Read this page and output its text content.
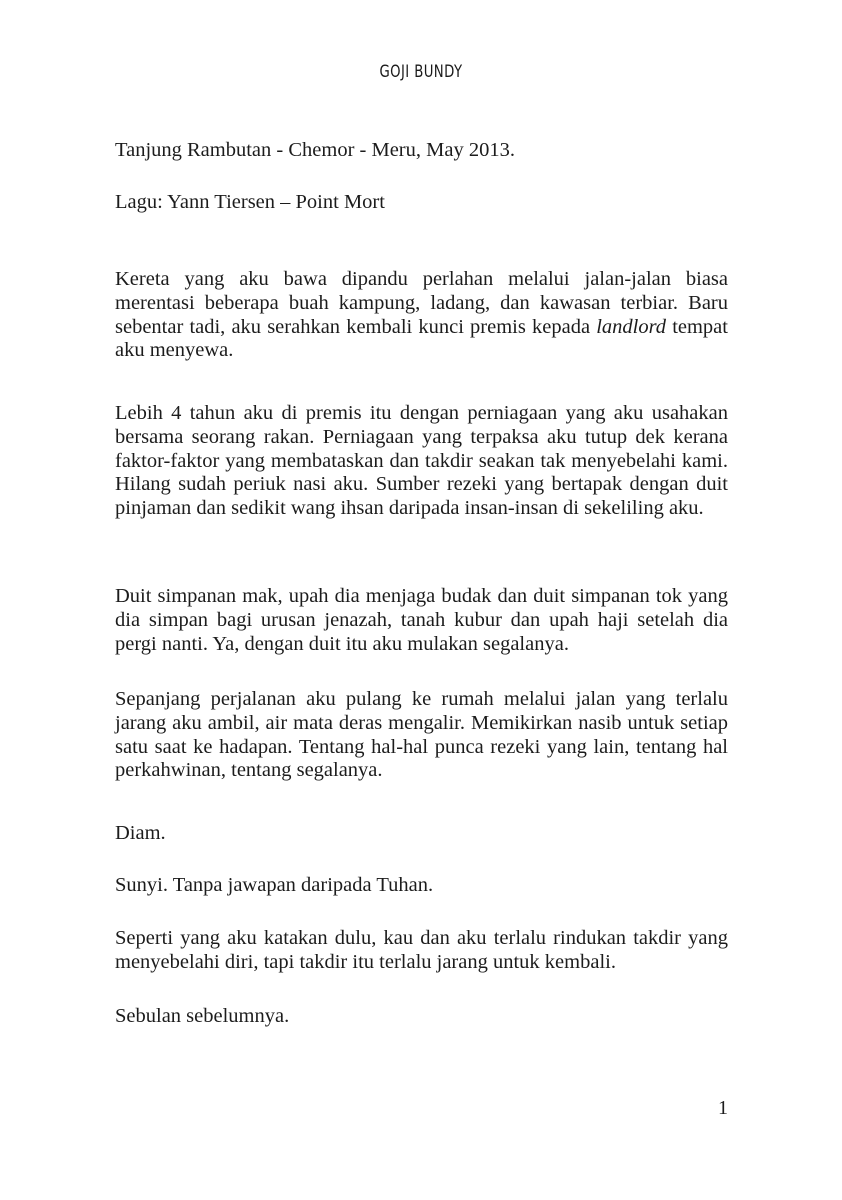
GOJI BUNDY

Tanjung Rambutan - Chemor - Meru, May 2013.

Lagu: Yann Tiersen – Point Mort

Kereta yang aku bawa dipandu perlahan melalui jalan-jalan biasa merentasi beberapa buah kampung, ladang, dan kawasan terbiar. Baru sebentar tadi, aku serahkan kembali kunci premis kepada landlord tempat aku menyewa.

Lebih 4 tahun aku di premis itu dengan perniagaan yang aku usahakan bersama seorang rakan. Perniagaan yang terpaksa aku tutup dek kerana faktor-faktor yang membataskan dan takdir seakan tak menyebelahi kami. Hilang sudah periuk nasi aku. Sumber rezeki yang bertapak dengan duit pinjaman dan sedikit wang ihsan daripada insan-insan di sekeliling aku.

Duit simpanan mak, upah dia menjaga budak dan duit simpanan tok yang dia simpan bagi urusan jenazah, tanah kubur dan upah haji setelah dia pergi nanti. Ya, dengan duit itu aku mulakan segalanya.

Sepanjang perjalanan aku pulang ke rumah melalui jalan yang terlalu jarang aku ambil, air mata deras mengalir. Memikirkan nasib untuk setiap satu saat ke hadapan. Tentang hal-hal punca rezeki yang lain, tentang hal perkahwinan, tentang segalanya.

Diam.

Sunyi. Tanpa jawapan daripada Tuhan.

Seperti yang aku katakan dulu, kau dan aku terlalu rindukan takdir yang menyebelahi diri, tapi takdir itu terlalu jarang untuk kembali.

Sebulan sebelumnya.

1
